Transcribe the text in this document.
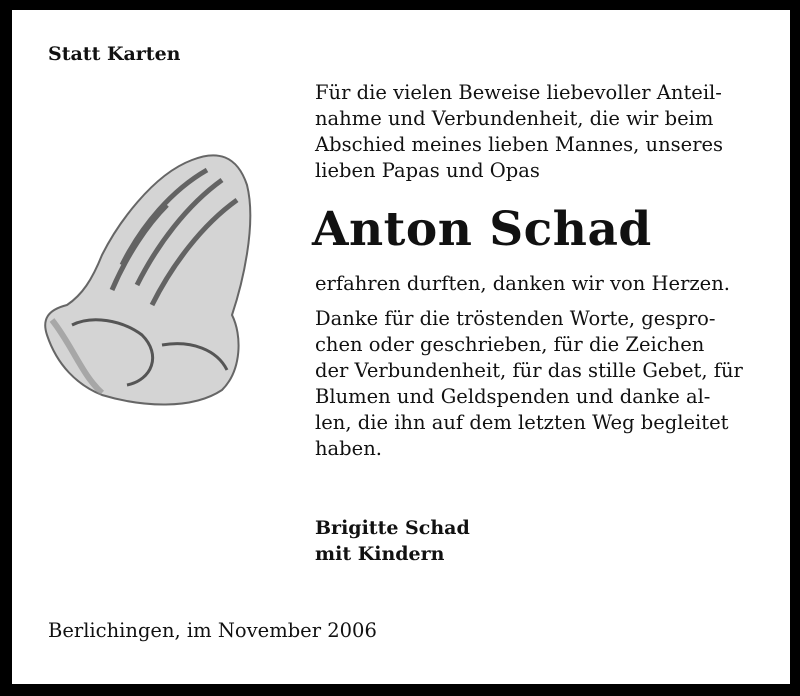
Statt Karten
Für die vielen Beweise liebevoller Anteil-
nahme und Verbundenheit, die wir beim
Abschied meines lieben Mannes, unseres
lieben Papas und Opas
Anton Schad
erfahren durften, danken wir von Herzen.
Danke für die tröstenden Worte, gespro-
chen oder geschrieben, für die Zeichen
der Verbundenheit, für das stille Gebet, für
Blumen und Geldspenden und danke al-
len, die ihn auf dem letzten Weg begleitet
haben.
Brigitte Schad
mit Kindern
Berlichingen, im November 2006
